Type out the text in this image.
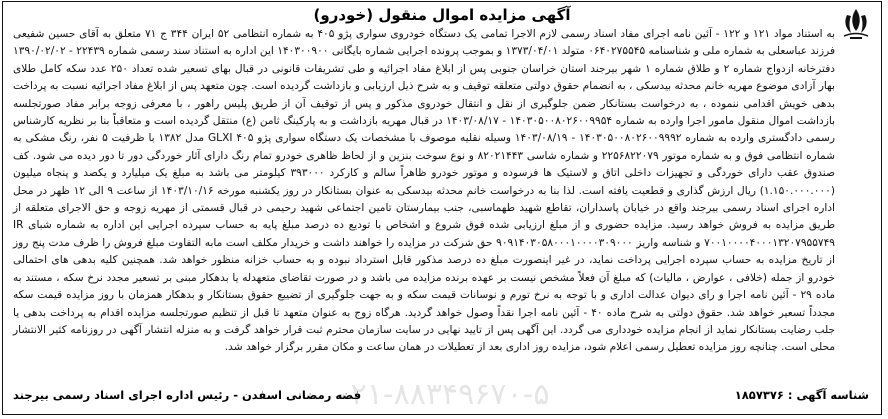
آگهی مزایده اموال منقول (خودرو)

به استناد مواد ۱۲۱ و ۱۲۲ - آئین نامه اجرای مفاد اسناد رسمی لازم الاجرا تمامی یک دستگاه خودروی سواری پژو ۴۰۵ به شماره انتظامی ۵۲ ایران ۳۴۴ ج ۷۱ متعلق به آقای حسین شفیعی فرزند عباسعلی به شماره ملی و شناسنامه ۰۶۴۰۲۷۵۵۴۵ متولد ۱۳۷۳/۰۴/۰۱ و بموجب پرونده اجرایی شماره بایگانی ۱۴۰۳۰۰۹۰۰ این اداره به استناد سند رسمی شماره ۲۲۴۳۹ - ۱۳۹۰/۰۲/۰۲ دفترخانه ازدواج شماره ۲ و طلاق شماره ۱ شهر بیرجند استان خراسان جنوبی پس از ابلاغ مفاد اجرائیه و طی تشریفات قانونی در قبال بهای تسعیر شده تعداد ۲۵۰ عدد سکه کامل طلای بهار آزادی موضوع مهریه خانم محدثه بیدسکی ، به انضمام حقوق دولتی متعلقه توقیف و به شرح ذیل ارزیابی و بازداشت گردیده است. چون متعهد پس از ابلاغ مفاد اجرائیه نسبت به پرداخت بدهی خویش اقدامی ننموده ، به درخواست بستانکار ضمن جلوگیری از نقل و انتقال خودروی مذکور و پس از توقیف آن از طریق پلیس راهور ، با معرفی زوجه برابر مفاد صورتجلسه بازداشت اموال منقول مامور اجرا وارده به شماره ۱۴۰۳۰۵۰۰۸۰۲۶۰۰۹۹۵۴ - ۱۴۰۳/۰۸/۱۷ در قبال مهریه بازداشت و به پارکینگ ثامن (ع) منتقل گردیده است و متعاقباً بنا بر نظریه کارشناس رسمی دادگستری وارده به شماره ۱۴۰۳۰۵۰۰۸۰۲۶۰۰۹۹۹۲ - ۱۴۰۳/۰۸/۱۹ وسیله نقلیه موصوف با مشخصات یک دستگاه سواری پژو GLXI ۴۰۵ مدل ۱۳۸۲ با ظرفیت ۵ نفر، رنگ مشکی به شماره انتظامی فوق و به شماره موتور ۲۲۵۶۸۲۲۰۷۹ و شماره شاسی ۸۲۰۲۱۴۴۳ و نوع سوخت بنزین و از لحاظ ظاهری خودرو تمام رنگ دارای آثار خوردگی دور تا دور دیده می شود. کف صندوق عقب دارای خوردگی و تجهیزات داخلی اتاق و لاستیک ها فرسوده و موتور خودرو ظاهراً سالم و کارکرد ۳۹۳۰۰۰ کیلومتر می باشد به مبلغ یک میلیارد و یکصد و پنجاه میلیون (۱.۱۵۰.۰۰۰.۰۰۰) ریال ارزش گذاری و قطعیت یافته است. لذا بنا به درخواست خانم محدثه بیدسکی به عنوان بستانکار در روز یکشنبه مورخه ۱۴۰۳/۱۰/۱۶ از ساعت ۹ الی ۱۲ ظهر در محل اداره اجرای اسناد رسمی بیرجند واقع در خیابان پاسداران، تقاطع شهید طهماسبی، جنب بیمارستان تامین اجتماعی شهید رحیمی در قبال قسمتی از مهریه زوجه و حق الاجرای متعلقه از طریق مزایده به فروش خواهد رسید. مزایده حضوری و از مبلغ ارزیابی شده فوق شروع و اشخاص با تودیع ده درصد مبلغ پایه به حساب سپرده اجرایی این اداره به شماره شبای IR ۷۰۰۱۰۰۰۰۴۰۰۰۱۳۲۰۷۹۵۵۷۴۹ و شناسه واریز ۹۰۹۱۴۰۳۰۵۸۰۰۰۱۰۰۰۰۳۰۹۰۰۰ حق شرکت در مزایده را خواهند داشت و خریدار مکلف است مابه التفاوت مبلغ فروش را ظرف مدت پنج روز از تاریخ مزایده به حساب سپرده اجرایی پرداخت نماید، در غیر اینصورت مبلغ ده درصد مذکور قابل استرداد نبوده و به حساب خزانه منظور خواهد شد. همچنین کلیه بدهی های احتمالی خودرو از جمله (خلافی ، عوارض ، مالیات) که مبلغ آن فعلاً مشخص نیست بر عهده برنده مزایده می باشد و در صورت تقاضای متعهدله یا بدهکار مبنی بر تسعیر مجدد نرخ سکه ، مستند به ماده ۲۹ - آئین نامه اجرا و رای دیوان عدالت اداری و با توجه به نرخ تورم و نوسانات قیمت سکه و به جهت جلوگیری از تضییع حقوق بستانکار و بدهکار همزمان با روز مزایده قیمت سکه مجدداً تسعیر خواهد شد. حقوق دولتی به شرح ماده ۴۰ - آئین نامه اجرا نقداً وصول خواهد گردید. هرگاه زوج به عنوان متعهد تا قبل از تنظیم صورتجلسه مزایده اقدام به پرداخت بدهی یا جلب رضایت بستانکار نماید از انجام مزایده خودداری می گردد. این آگهی پس از تایید نهایی در سایت سازمان محترم ثبت قرار خواهد گرفت و به منزله انتشار آگهی در روزنامه کثیر الانتشار محلی است. چنانچه روز مزایده تعطیل رسمی اعلام شود، مزایده روز اداری بعد از تعطیلات در همان ساعت و مکان مقرر برگزار خواهد شد.

۰۲۱-۸۸۳۴۹۶۷۰-۵	شناسه آگهی : ۱۸۵۷۳۷۶
فضه رمضانی اسفدن - رئیس اداره اجرای اسناد رسمی بیرجند
